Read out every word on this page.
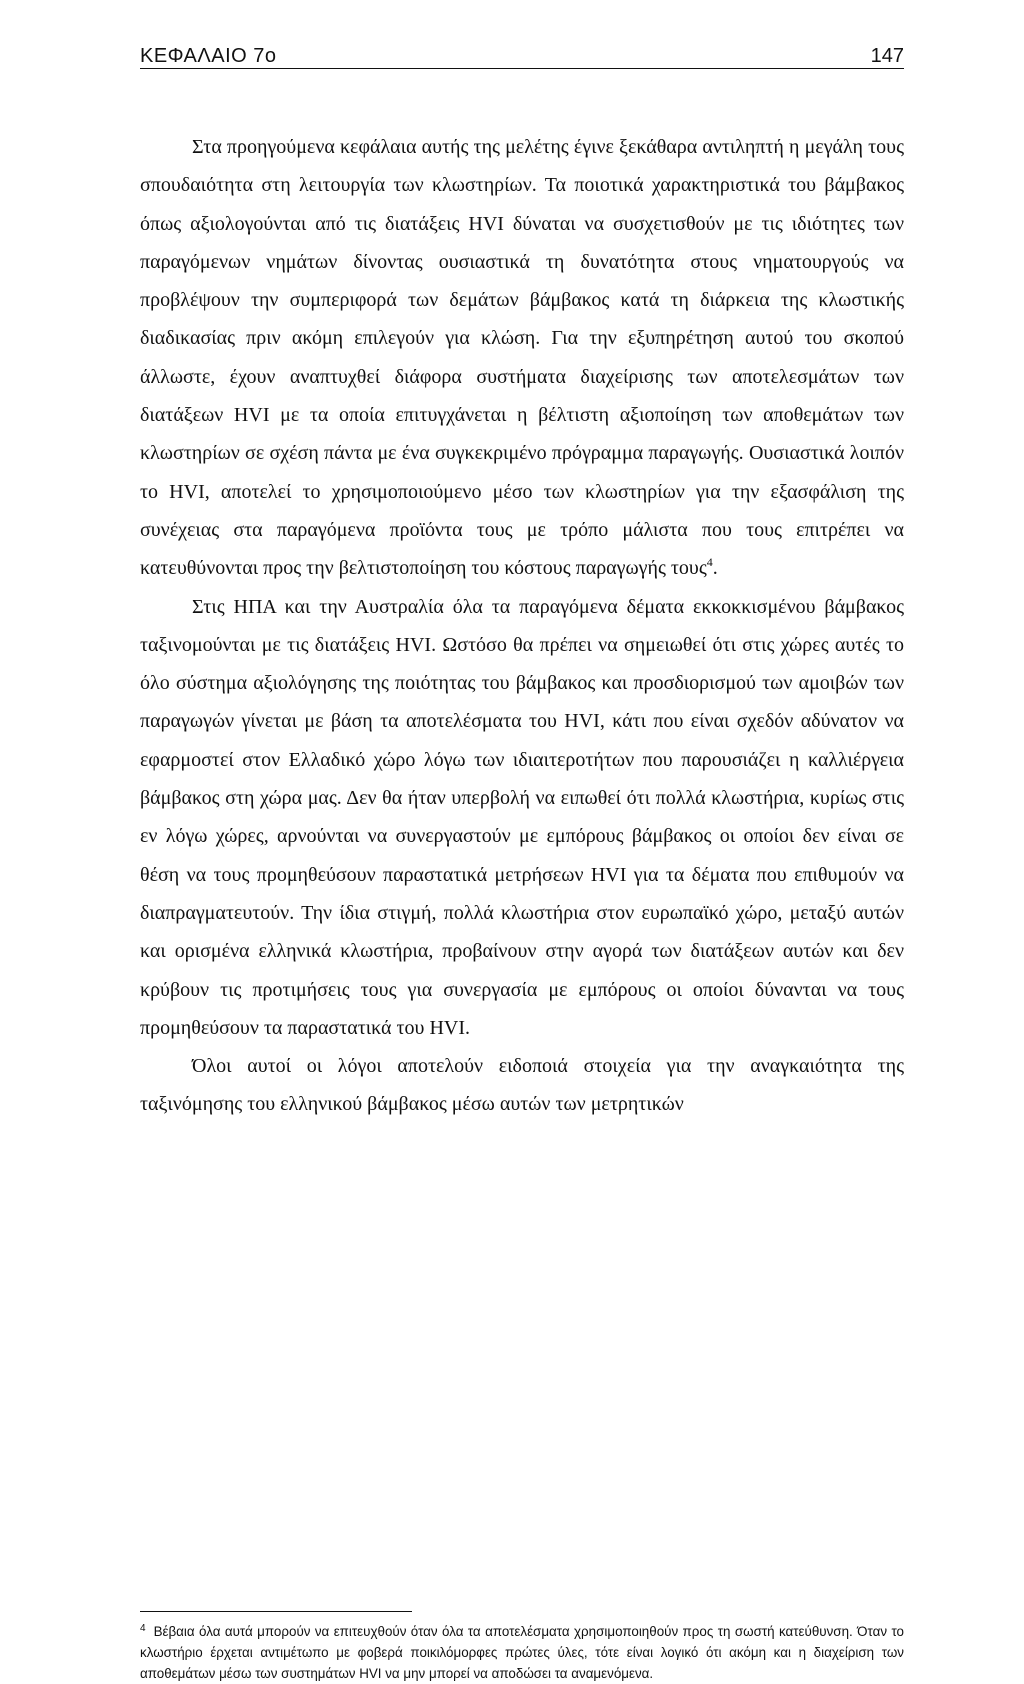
ΚΕΦΑΛΑΙΟ 7ο	147

Στα προηγούμενα κεφάλαια αυτής της μελέτης έγινε ξεκάθαρα αντιληπτή η μεγάλη τους σπουδαιότητα στη λειτουργία των κλωστηρίων. Τα ποιοτικά χαρακτηριστικά του βάμβακος όπως αξιολογούνται από τις διατάξεις HVI δύναται να συσχετισθούν με τις ιδιότητες των παραγόμενων νημάτων δίνοντας ουσιαστικά τη δυνατότητα στους νηματουργούς να προβλέψουν την συμπεριφορά των δεμάτων βάμβακος κατά τη διάρκεια της κλωστικής διαδικασίας πριν ακόμη επιλεγούν για κλώση. Για την εξυπηρέτηση αυτού του σκοπού άλλωστε, έχουν αναπτυχθεί διάφορα συστήματα διαχείρισης των αποτελεσμάτων των διατάξεων HVI με τα οποία επιτυγχάνεται η βέλτιστη αξιοποίηση των αποθεμάτων των κλωστηρίων σε σχέση πάντα με ένα συγκεκριμένο πρόγραμμα παραγωγής. Ουσιαστικά λοιπόν το HVI, αποτελεί το χρησιμοποιούμενο μέσο των κλωστηρίων για την εξασφάλιση της συνέχειας στα παραγόμενα προϊόντα τους με τρόπο μάλιστα που τους επιτρέπει να κατευθύνονται προς την βελτιστοποίηση του κόστους παραγωγής τους$^4$.

Στις ΗΠΑ και την Αυστραλία όλα τα παραγόμενα δέματα εκκοκκισμένου βάμβακος ταξινομούνται με τις διατάξεις HVI. Ωστόσο θα πρέπει να σημειωθεί ότι στις χώρες αυτές το όλο σύστημα αξιολόγησης της ποιότητας του βάμβακος και προσδιορισμού των αμοιβών των παραγωγών γίνεται με βάση τα αποτελέσματα του HVI, κάτι που είναι σχεδόν αδύνατον να εφαρμοστεί στον Ελλαδικό χώρο λόγω των ιδιαιτεροτήτων που παρουσιάζει η καλλιέργεια βάμβακος στη χώρα μας. Δεν θα ήταν υπερβολή να ειπωθεί ότι πολλά κλωστήρια, κυρίως στις εν λόγω χώρες, αρνούνται να συνεργαστούν με εμπόρους βάμβακος οι οποίοι δεν είναι σε θέση να τους προμηθεύσουν παραστατικά μετρήσεων HVI για τα δέματα που επιθυμούν να διαπραγματευτούν. Την ίδια στιγμή, πολλά κλωστήρια στον ευρωπαϊκό χώρο, μεταξύ αυτών και ορισμένα ελληνικά κλωστήρια, προβαίνουν στην αγορά των διατάξεων αυτών και δεν κρύβουν τις προτιμήσεις τους για συνεργασία με εμπόρους οι οποίοι δύνανται να τους προμηθεύσουν τα παραστατικά του HVI.

Όλοι αυτοί οι λόγοι αποτελούν ειδοποιά στοιχεία για την αναγκαιότητα της ταξινόμησης του ελληνικού βάμβακος μέσω αυτών των μετρητικών

$^4$ Βέβαια όλα αυτά μπορούν να επιτευχθούν όταν όλα τα αποτελέσματα χρησιμοποιηθούν προς τη σωστή κατεύθυνση. Όταν το κλωστήριο έρχεται αντιμέτωπο με φοβερά ποικιλόμορφες πρώτες ύλες, τότε είναι λογικό ότι ακόμη και η διαχείριση των αποθεμάτων μέσω των συστημάτων HVI να μην μπορεί να αποδώσει τα αναμενόμενα.
